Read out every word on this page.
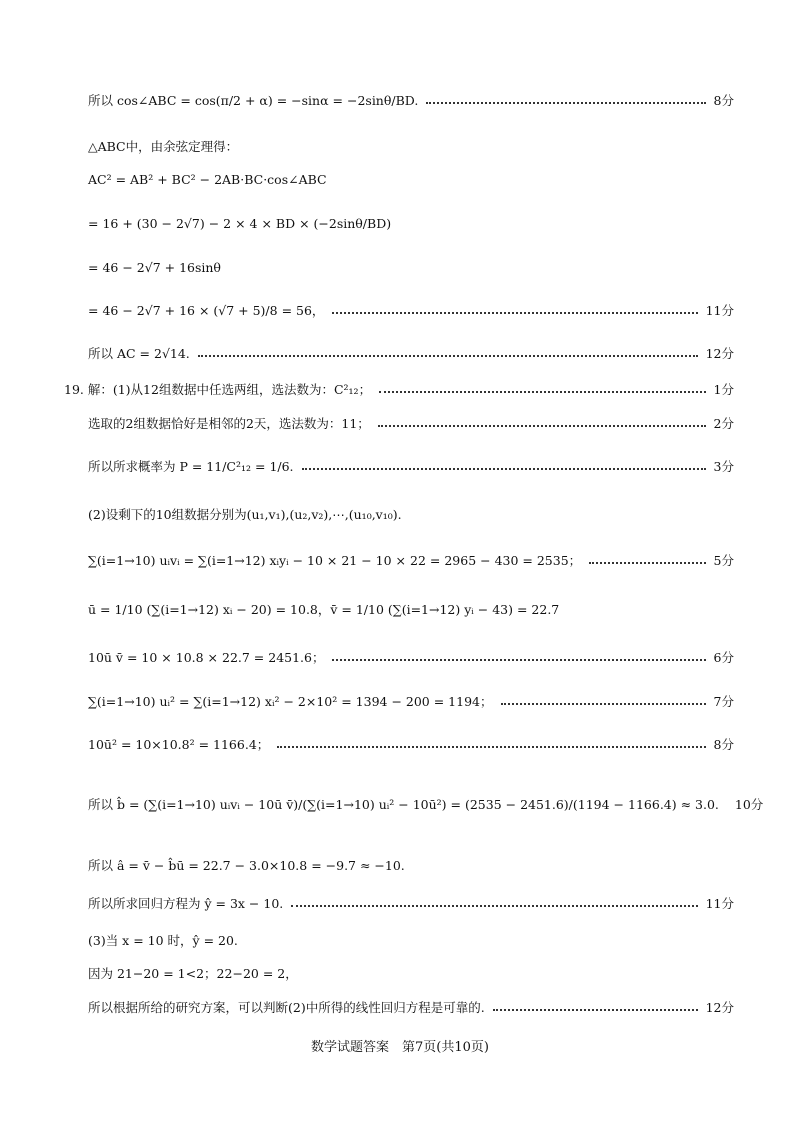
所以 cos∠ABC = cos(π/2 + α) = −sinα = −2sinθ/BD.	8分
△ABC中，由余弦定理得：
AC² = AB² + BC² − 2AB·BC·cos∠ABC
= 16 + (30 − 2√7) − 2 × 4 × BD × (−2sinθ/BD)
= 46 − 2√7 + 16sinθ
= 46 − 2√7 + 16 × (√7 + 5)/8 = 56，	11分
所以 AC = 2√14.	12分
19. 解：(1)从12组数据中任选两组，选法数为：C²₁₂；	1分
选取的2组数据恰好是相邻的2天，选法数为：11；	2分
所以所求概率为 P = 11/C²₁₂ = 1/6.	3分
(2)设剩下的10组数据分别为(u₁,v₁),(u₂,v₂),⋯,(u₁₀,v₁₀).
∑(i=1→10) uᵢvᵢ = ∑(i=1→12) xᵢyᵢ − 10 × 21 − 10 × 22 = 2965 − 430 = 2535；	5分
ū = 1/10 (∑(i=1→12) xᵢ − 20) = 10.8，v̄ = 1/10 (∑(i=1→12) yᵢ − 43) = 22.7
10ū v̄ = 10 × 10.8 × 22.7 = 2451.6；	6分
∑(i=1→10) uᵢ² = ∑(i=1→12) xᵢ² − 2×10² = 1394 − 200 = 1194；	7分
10ū² = 10×10.8² = 1166.4；	8分
所以 b̂ = (∑(i=1→10) uᵢvᵢ − 10ū v̄)/(∑(i=1→10) uᵢ² − 10ū²) = (2535 − 2451.6)/(1194 − 1166.4) ≈ 3.0. 10分
所以 â = v̄ − b̂ū = 22.7 − 3.0×10.8 = −9.7 ≈ −10.
所以所求回归方程为 ŷ = 3x − 10.	11分
(3)当 x = 10 时，ŷ = 20.
因为 21−20 = 1<2；22−20 = 2，
所以根据所给的研究方案，可以判断(2)中所得的线性回归方程是可靠的.	12分
数学试题答案　第7页(共10页)
